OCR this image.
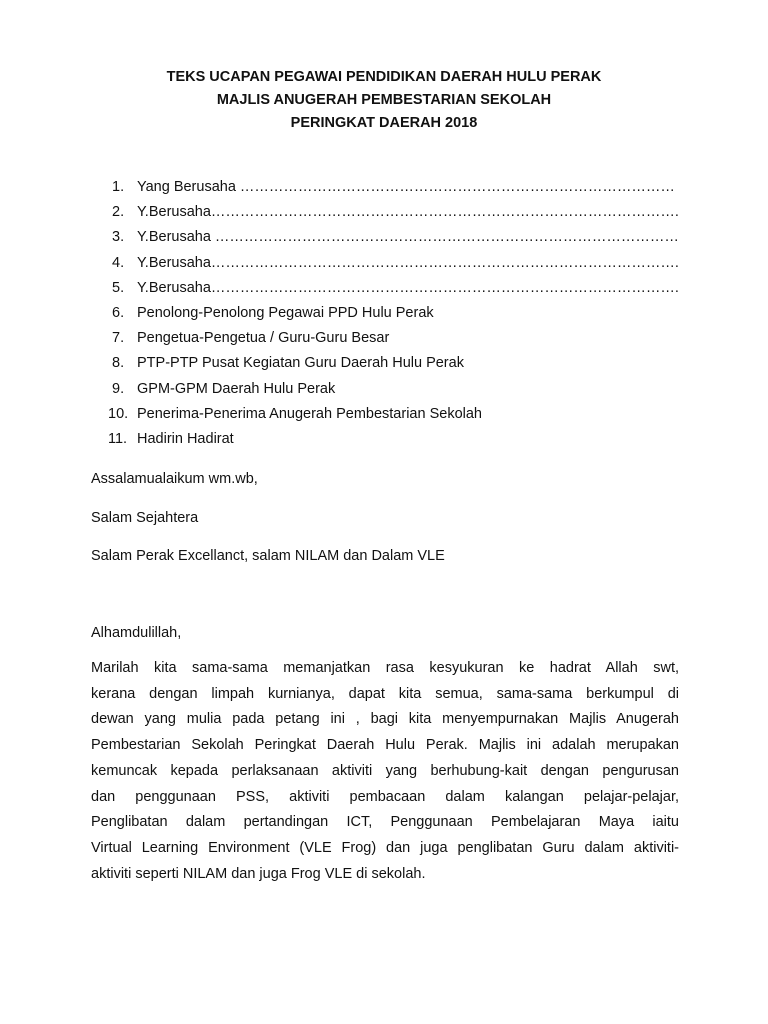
TEKS UCAPAN PEGAWAI PENDIDIKAN DAERAH HULU PERAK
MAJLIS ANUGERAH PEMBESTARIAN SEKOLAH
PERINGKAT DAERAH 2018
1. Yang Berusaha ………………………………………………………………………………
2. Y.Berusaha…………………………………………………………………………………….
3. Y.Berusaha ……………………………………………………………………………………
4. Y.Berusaha…………………………………………………………………………………….
5. Y.Berusaha…………………………………………………………………………………….
6. Penolong-Penolong Pegawai PPD Hulu Perak
7. Pengetua-Pengetua / Guru-Guru Besar
8. PTP-PTP Pusat Kegiatan Guru Daerah Hulu Perak
9. GPM-GPM Daerah Hulu Perak
10. Penerima-Penerima Anugerah Pembestarian Sekolah
11. Hadirin Hadirat

Assalamualaikum wm.wb,

Salam Sejahtera

Salam Perak Excellanct, salam NILAM dan Dalam VLE

Alhamdulillah,

Marilah kita sama-sama memanjatkan rasa kesyukuran ke hadrat Allah swt,
kerana dengan limpah kurnianya, dapat kita semua, sama-sama berkumpul di
dewan yang mulia pada petang ini , bagi kita menyempurnakan Majlis Anugerah
Pembestarian Sekolah Peringkat Daerah Hulu Perak. Majlis ini adalah merupakan
kemuncak kepada perlaksanaan aktiviti yang berhubung-kait dengan pengurusan
dan penggunaan PSS, aktiviti pembacaan dalam kalangan pelajar-pelajar,
Penglibatan dalam pertandingan ICT, Penggunaan Pembelajaran Maya iaitu
Virtual Learning Environment (VLE Frog) dan juga penglibatan Guru dalam aktiviti-
aktiviti seperti NILAM dan juga Frog VLE di sekolah.
